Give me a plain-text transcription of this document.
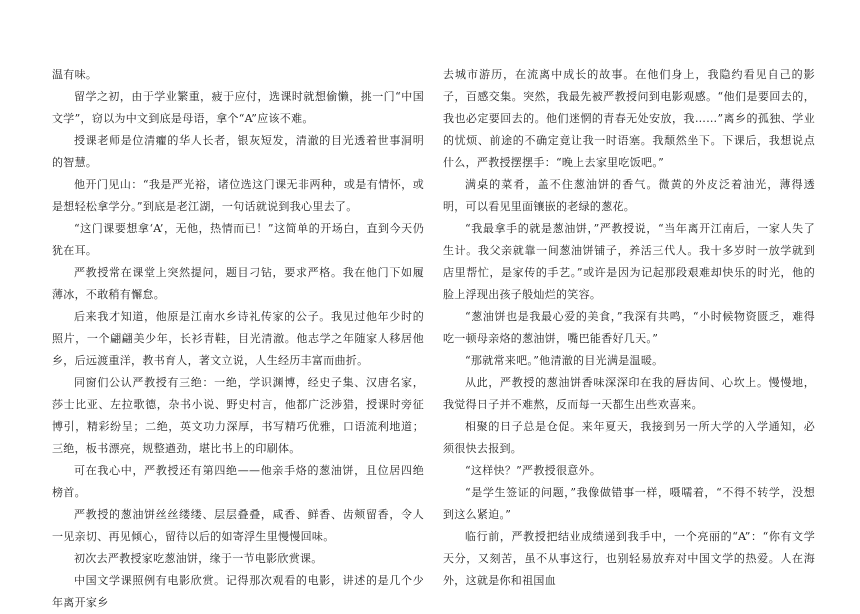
温有味。

留学之初，由于学业繁重，疲于应付，选课时就想偷懒，挑一门“中国文学”，窃以为中文到底是母语，拿个“A”应该不难。

授课老师是位清癯的华人长者，银灰短发，清澈的目光透着世事洞明的智慧。

他开门见山：“我是严光裕，诸位选这门课无非两种，或是有情怀，或是想轻松拿学分。”到底是老江湖，一句话就说到我心里去了。

“这门课要想拿‘A’，无他，热情而已！”这简单的开场白，直到今天仍犹在耳。

严教授常在课堂上突然提问，题目刁钻，要求严格。我在他门下如履薄冰，不敢稍有懈怠。

后来我才知道，他原是江南水乡诗礼传家的公子。我见过他年少时的照片，一个翩翩美少年，长衫青鞋，目光清澈。他志学之年随家人移居他乡，后远渡重洋，教书育人，著文立说，人生经历丰富而曲折。

同窗们公认严教授有三绝：一绝，学识渊博，经史子集、汉唐名家，莎士比亚、左拉歌德，杂书小说、野史村言，他都广泛涉猎，授课时旁征博引，精彩纷呈；二绝，英文功力深厚，书写精巧优雅，口语流利地道；三绝，板书漂亮，规整遒劲，堪比书上的印刷体。

可在我心中，严教授还有第四绝——他亲手烙的葱油饼，且位居四绝榜首。

严教授的葱油饼丝丝缕缕、层层叠叠，咸香、鲜香、齿颊留香，令人一见亲切、再见倾心，留待以后的如寄浮生里慢慢回味。

初次去严教授家吃葱油饼，缘于一节电影欣赏课。

中国文学课照例有电影欣赏。记得那次观看的电影，讲述的是几个少年离开家乡

去城市游历，在流离中成长的故事。在他们身上，我隐约看见自己的影子，百感交集。突然，我最先被严教授问到电影观感。“他们是要回去的，我也必定要回去的。他们迷惘的青春无处安放，我……”离乡的孤独、学业的忧烦、前途的不确定竟让我一时语塞。我颓然坐下。下课后，我想说点什么，严教授摆摆手：“晚上去家里吃饭吧。”

满桌的菜肴，盖不住葱油饼的香气。微黄的外皮泛着油光，薄得透明，可以看见里面镶嵌的老绿的葱花。

“我最拿手的就是葱油饼，”严教授说，“当年离开江南后，一家人失了生计。我父亲就靠一间葱油饼铺子，养活三代人。我十多岁时一放学就到店里帮忙，是家传的手艺。”或许是因为记起那段艰难却快乐的时光，他的脸上浮现出孩子般灿烂的笑容。

“葱油饼也是我最心爱的美食，”我深有共鸣，“小时候物资匮乏，难得吃一顿母亲烙的葱油饼，嘴巴能香好几天。”

“那就常来吧。”他清澈的目光满是温暖。

从此，严教授的葱油饼香味深深印在我的唇齿间、心坎上。慢慢地，我觉得日子并不难熬，反而每一天都生出些欢喜来。

相聚的日子总是仓促。来年夏天，我接到另一所大学的入学通知，必须很快去报到。

“这样快？”严教授很意外。

“是学生签证的问题，”我像做错事一样，嗫嚅着，“不得不转学，没想到这么紧迫。”

临行前，严教授把结业成绩递到我手中，一个亮丽的“A”：“你有文学天分，又刻苦，虽不从事这行，也别轻易放弃对中国文学的热爱。人在海外，这就是你和祖国血
